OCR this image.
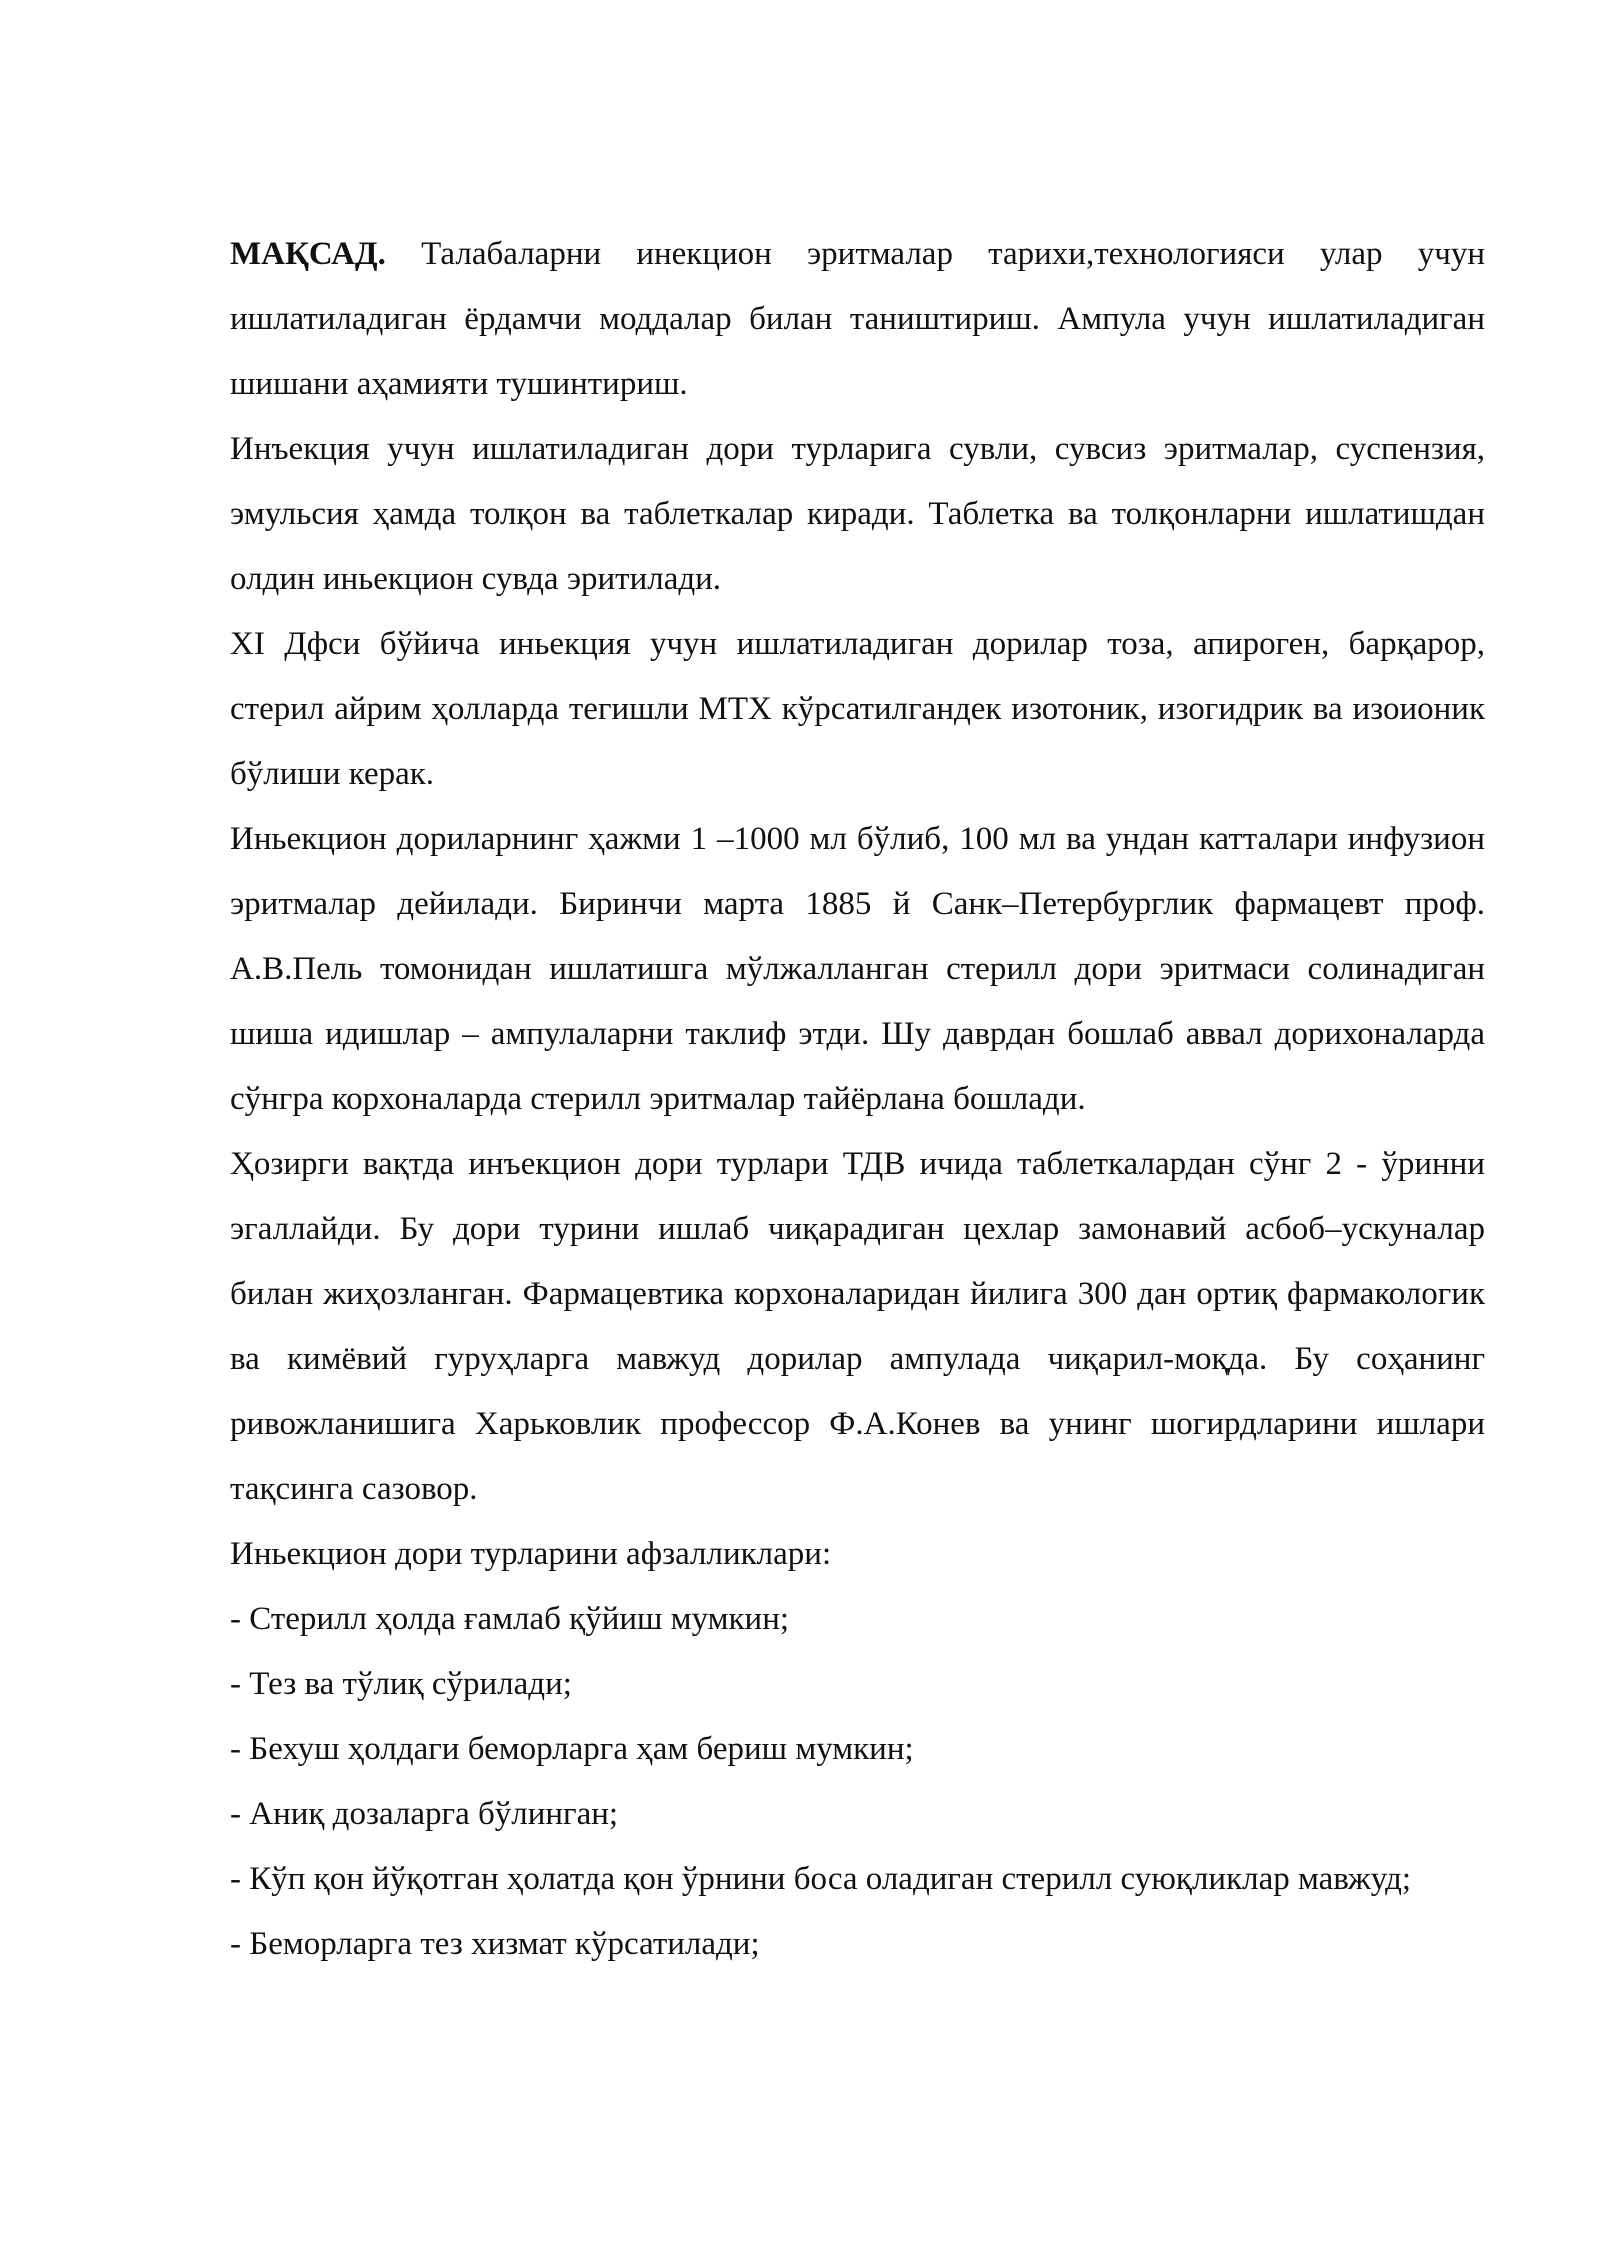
МАҚСАД. Талабаларни инекцион эритмалар тарихи,технологияси улар учун ишлатиладиган ёрдамчи моддалар билан таништириш. Ампула учун ишлатиладиган шишани аҳамияти тушинтириш.

Инъекция учун ишлатиладиган дори турларига сувли, сувсиз эритмалар, суспензия, эмульсия ҳамда толқон ва таблеткалар киради. Таблетка ва толқонларни ишлатишдан олдин иньекцион сувда эритилади.

XI Дфси бўйича иньекция учун ишлатиладиган дорилар тоза, апироген, барқарор, стерил айрим ҳолларда тегишли МТХ кўрсатилгандек изотоник, изогидрик ва изоионик бўлиши керак.

Иньекцион дориларнинг ҳажми 1 –1000 мл бўлиб, 100 мл ва ундан катталари инфузион эритмалар дейилади. Биринчи марта 1885 й Санк–Петербурглик фармацевт проф. А.В.Пель томонидан ишлатишга мўлжалланган стерилл дори эритмаси солинадиган шиша идишлар – ампулаларни таклиф этди. Шу даврдан бошлаб аввал дорихоналарда сўнгра корхоналарда стерилл эритмалар тайёрлана бошлади.

Ҳозирги вақтда инъекцион дори турлари ТДВ ичида таблеткалардан сўнг 2 - ўринни эгаллайди. Бу дори турини ишлаб чиқарадиган цехлар замонавий асбоб–ускуналар билан жиҳозланган. Фармацевтика корхоналаридан йилига 300 дан ортиқ фармакологик ва кимёвий гуруҳларга мавжуд дорилар ампулада чиқарил-моқда. Бу соҳанинг ривожланишига Харьковлик профессор Ф.А.Конев ва унинг шогирдларини ишлари тақсинга сазовор.

Иньекцион дори турларини афзалликлари:

- Стерилл ҳолда ғамлаб қўйиш мумкин;
- Тез ва тўлиқ сўрилади;
- Бехуш ҳолдаги беморларга ҳам бериш мумкин;
- Аниқ дозаларга бўлинган;
- Кўп қон йўқотган ҳолатда қон ўрнини боса оладиган стерилл суюқликлар мавжуд;
- Беморларга тез хизмат кўрсатилади;
